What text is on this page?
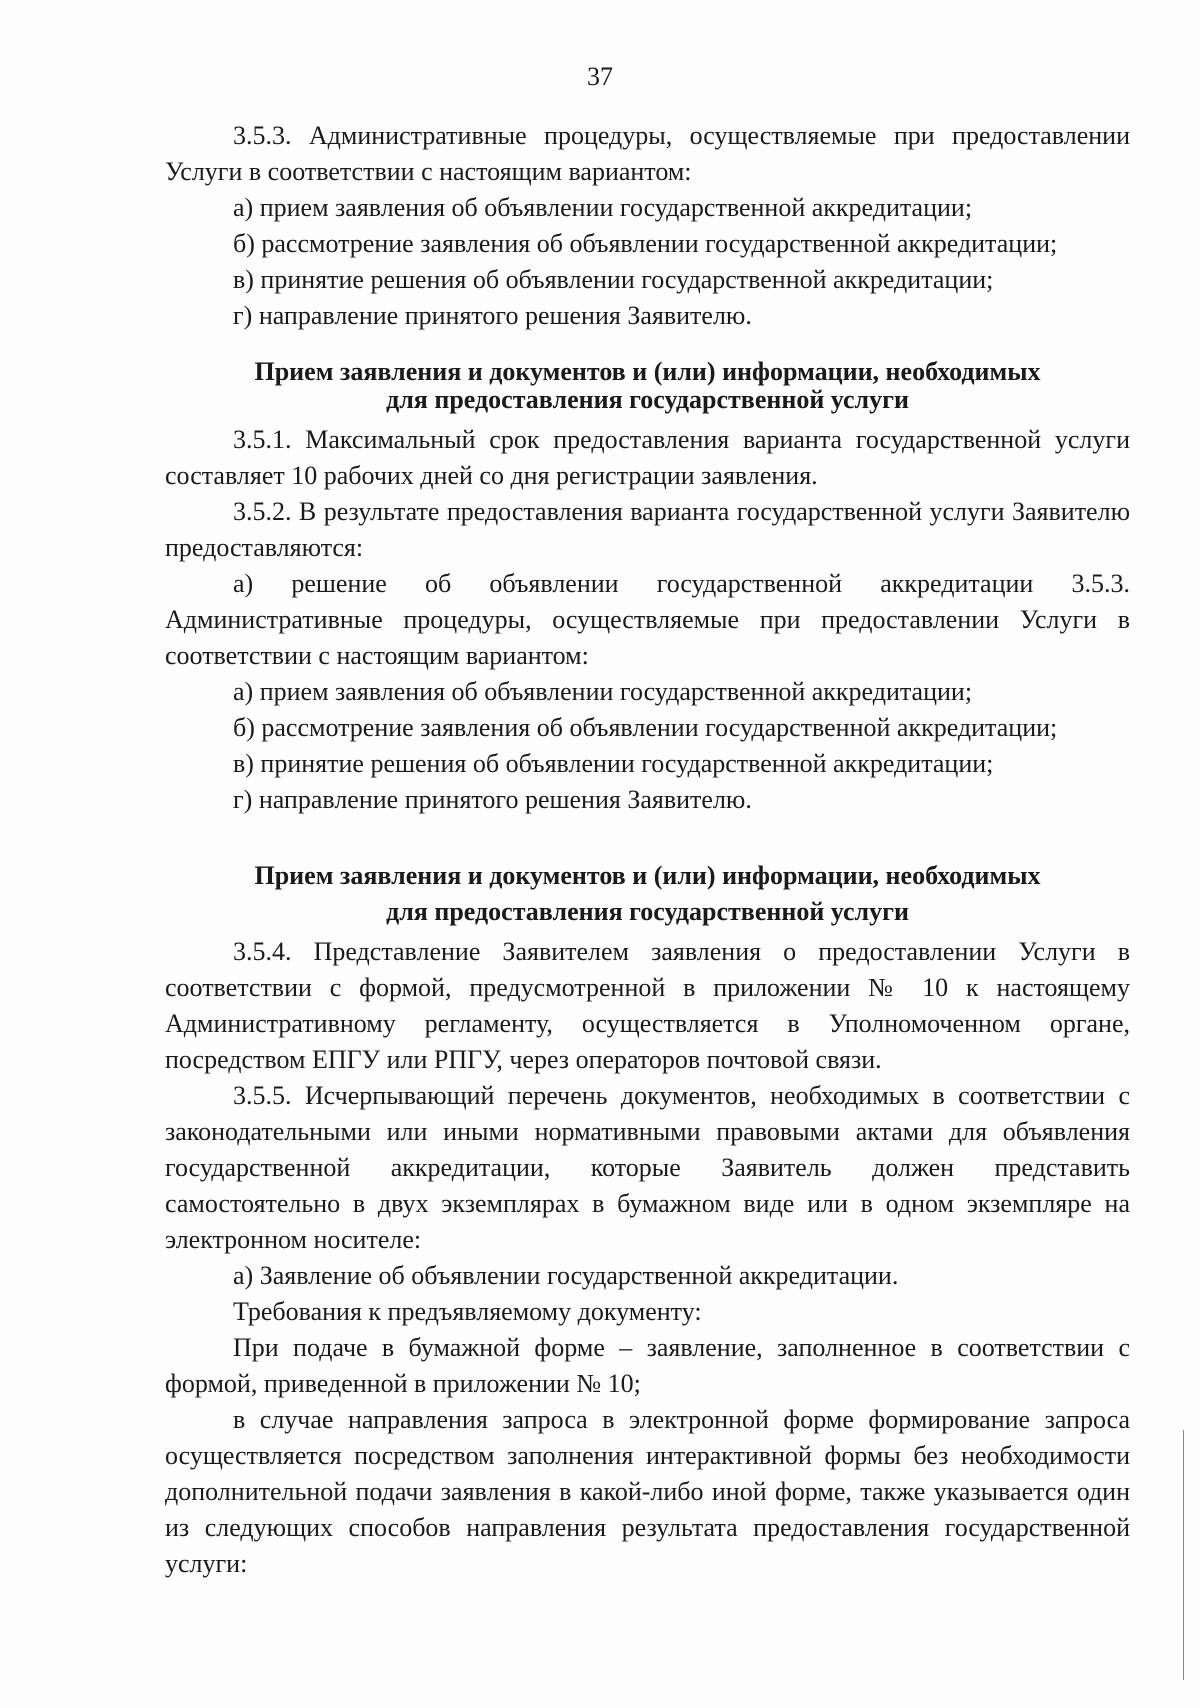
37

3.5.3. Административные процедуры, осуществляемые при предоставлении Услуги в соответствии с настоящим вариантом:

а) прием заявления об объявлении государственной аккредитации;

б) рассмотрение заявления об объявлении государственной аккредитации;

в) принятие решения об объявлении государственной аккредитации;

г) направление принятого решения Заявителю.

Прием заявления и документов и (или) информации, необходимых
для предоставления государственной услуги

3.5.1. Максимальный срок предоставления варианта государственной услуги составляет 10 рабочих дней со дня регистрации заявления.

3.5.2. В результате предоставления варианта государственной услуги Заявителю предоставляются:

а) решение об объявлении государственной аккредитации 3.5.3. Административные процедуры, осуществляемые при предоставлении Услуги в соответствии с настоящим вариантом:

а) прием заявления об объявлении государственной аккредитации;

б) рассмотрение заявления об объявлении государственной аккредитации;

в) принятие решения об объявлении государственной аккредитации;

г) направление принятого решения Заявителю.

Прием заявления и документов и (или) информации, необходимых
для предоставления государственной услуги

3.5.4. Представление Заявителем заявления о предоставлении Услуги в соответствии с формой, предусмотренной в приложении № 10 к настоящему Административному регламенту, осуществляется в Уполномоченном органе, посредством ЕПГУ или РПГУ, через операторов почтовой связи.

3.5.5. Исчерпывающий перечень документов, необходимых в соответствии с законодательными или иными нормативными правовыми актами для объявления государственной аккредитации, которые Заявитель должен представить самостоятельно в двух экземплярах в бумажном виде или в одном экземпляре на электронном носителе:

а) Заявление об объявлении государственной аккредитации.

Требования к предъявляемому документу:

При подаче в бумажной форме – заявление, заполненное в соответствии с формой, приведенной в приложении № 10;

в случае направления запроса в электронной форме формирование запроса осуществляется посредством заполнения интерактивной формы без необходимости дополнительной подачи заявления в какой-либо иной форме, также указывается один из следующих способов направления результата предоставления государственной услуги:
